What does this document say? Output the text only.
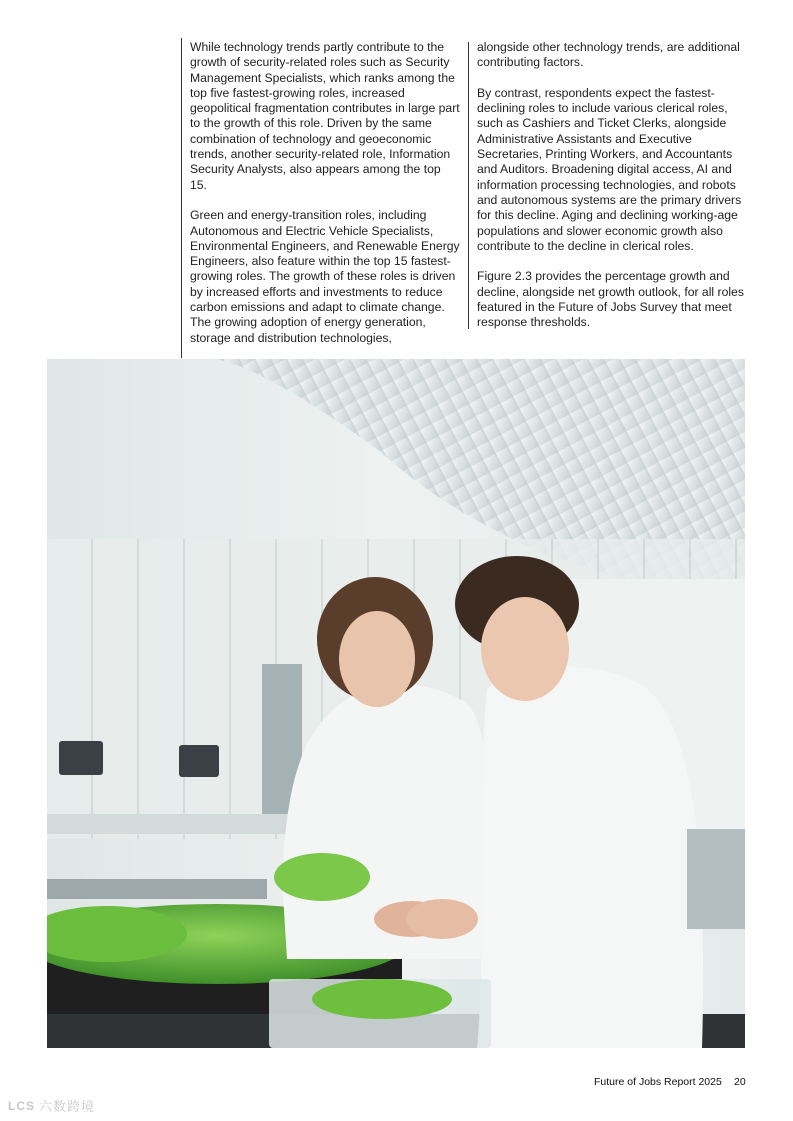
While technology trends partly contribute to the growth of security-related roles such as Security Management Specialists, which ranks among the top five fastest-growing roles, increased geopolitical fragmentation contributes in large part to the growth of this role. Driven by the same combination of technology and geoeconomic trends, another security-related role, Information Security Analysts, also appears among the top 15.

Green and energy-transition roles, including Autonomous and Electric Vehicle Specialists, Environmental Engineers, and Renewable Energy Engineers, also feature within the top 15 fastest-growing roles. The growth of these roles is driven by increased efforts and investments to reduce carbon emissions and adapt to climate change. The growing adoption of energy generation, storage and distribution technologies,

alongside other technology trends, are additional contributing factors.

By contrast, respondents expect the fastest-declining roles to include various clerical roles, such as Cashiers and Ticket Clerks, alongside Administrative Assistants and Executive Secretaries, Printing Workers, and Accountants and Auditors. Broadening digital access, AI and information processing technologies, and robots and autonomous systems are the primary drivers for this decline. Aging and declining working-age populations and slower economic growth also contribute to the decline in clerical roles.

Figure 2.3 provides the percentage growth and decline, alongside net growth outlook, for all roles featured in the Future of Jobs Survey that meet response thresholds.

Future of Jobs Report 2025 20
LCS 六数跨境
